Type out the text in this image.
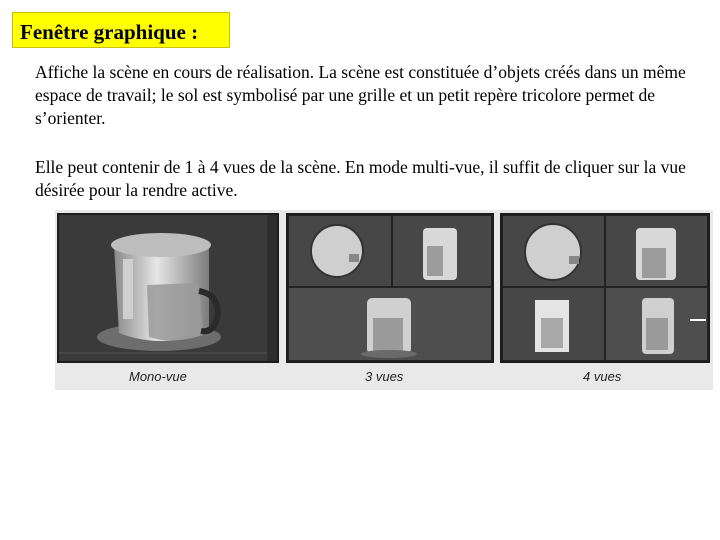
Fenêtre graphique :

Affiche la scène en cours de réalisation. La scène est constituée d’objets créés dans un même espace de travail; le sol est symbolisé par une grille et un petit repère tricolore permet de s’orienter.

Elle peut contenir de 1 à 4 vues de la scène. En mode multi-vue, il suffit de cliquer sur la vue désirée pour la rendre active.

Mono-vue	3 vues	4 vues
